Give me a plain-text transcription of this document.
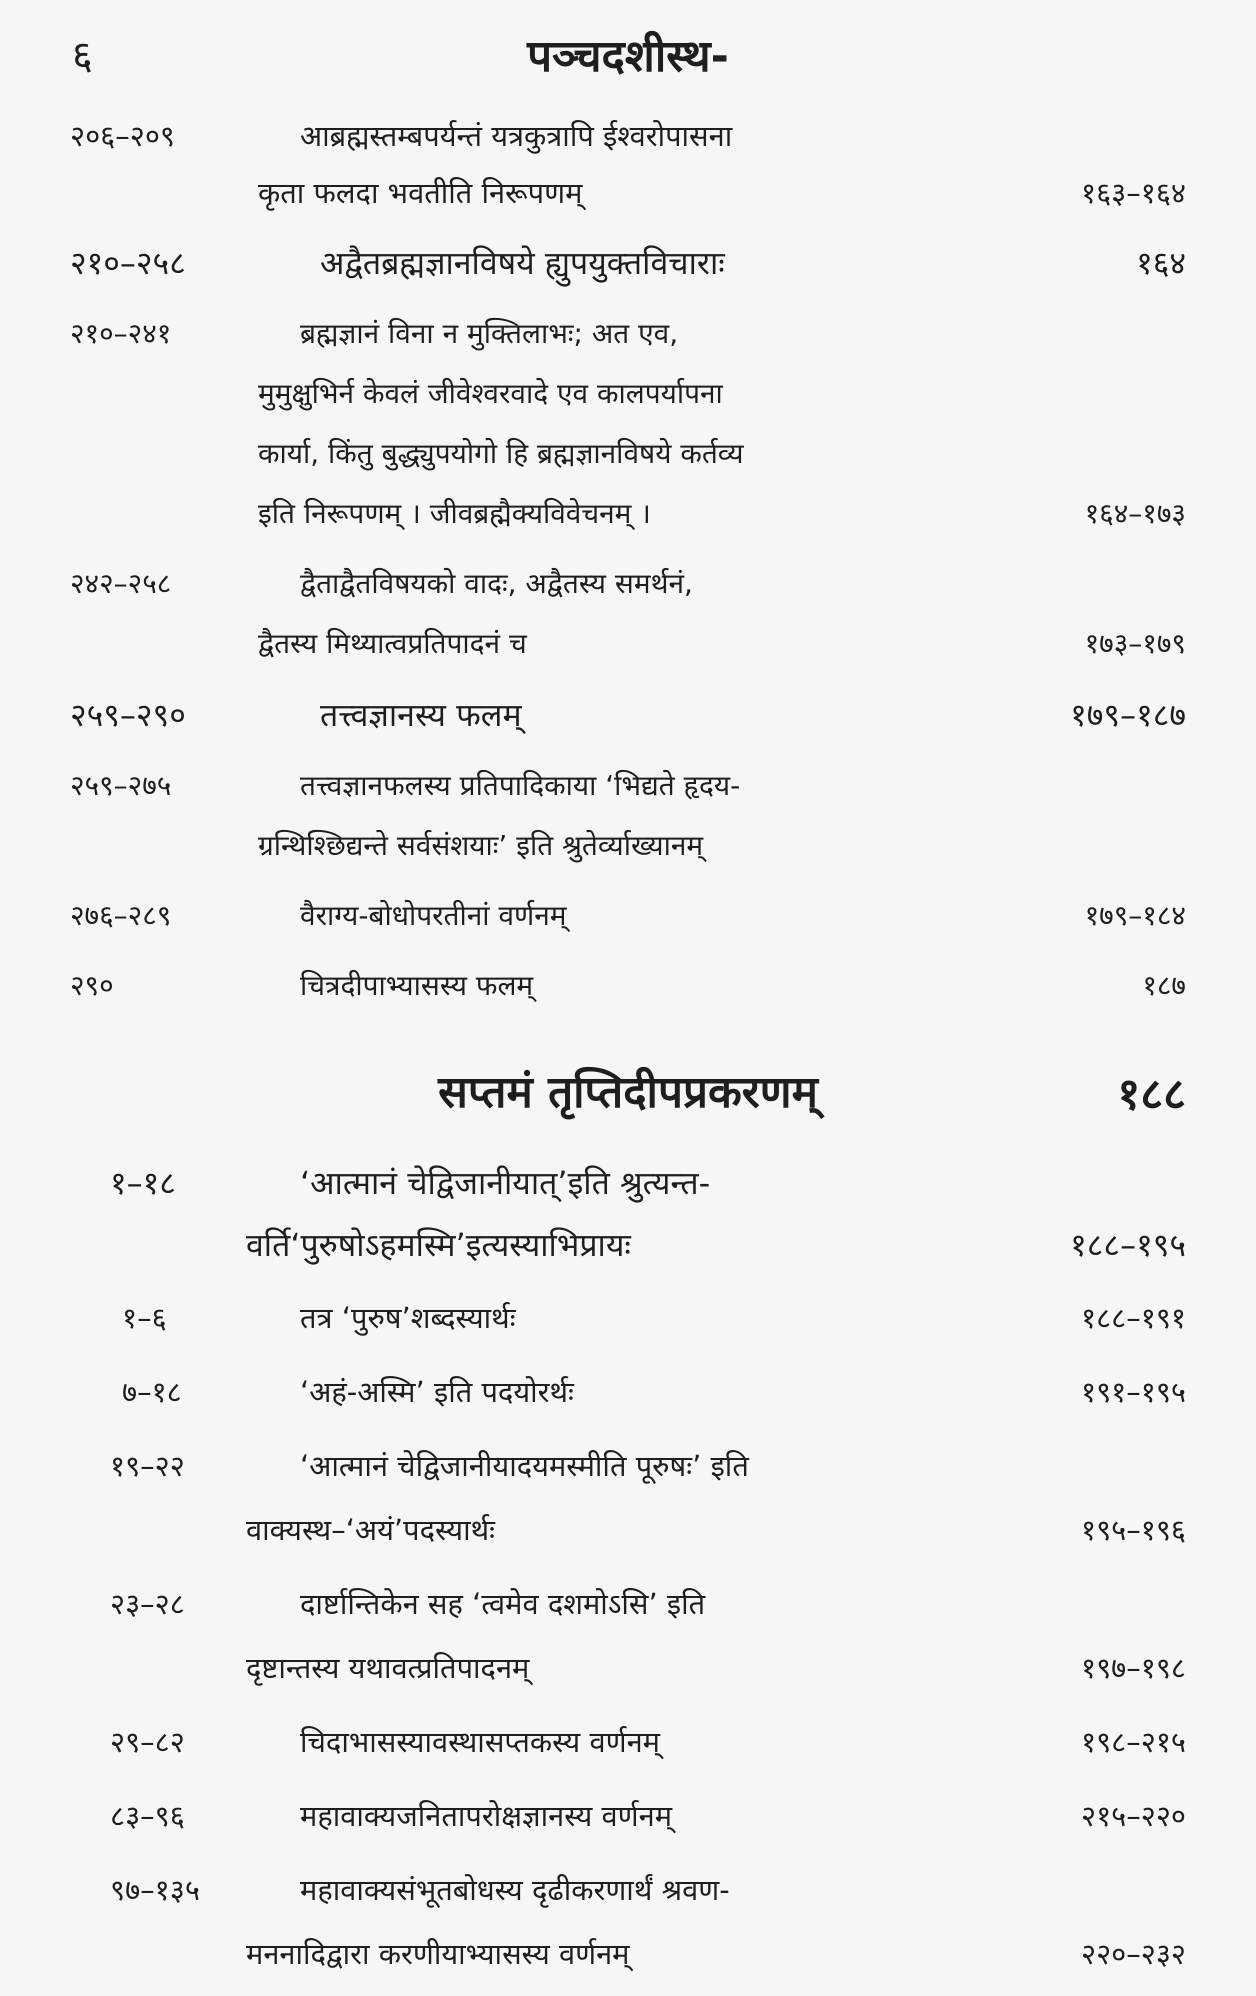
६	पञ्चदशीस्थ-
२०६–२०९	आब्रह्मस्तम्बपर्यन्तं यत्रकुत्रापि ईश्वरोपासना
कृता फलदा भवतीति निरूपणम्	१६३–१६४
२१०–२५८	अद्वैतब्रह्मज्ञानविषये ह्युपयुक्तविचाराः	१६४
२१०–२४१	ब्रह्मज्ञानं विना न मुक्तिलाभः; अत एव,
मुमुक्षुभिर्न केवलं जीवेश्वरवादे एव कालपर्यापना
कार्या, किंतु बुद्ध्युपयोगो हि ब्रह्मज्ञानविषये कर्तव्य
इति निरूपणम् । जीवब्रह्मैक्यविवेचनम् ।	१६४–१७३
२४२–२५८	द्वैताद्वैतविषयको वादः, अद्वैतस्य समर्थनं,
द्वैतस्य मिथ्यात्वप्रतिपादनं च	१७३–१७९
२५९–२९०	तत्त्वज्ञानस्य फलम्	१७९–१८७
२५९–२७५	तत्त्वज्ञानफलस्य प्रतिपादिकाया ‘भिद्यते हृदय-
ग्रन्थिश्छिद्यन्ते सर्वसंशयाः’ इति श्रुतेर्व्याख्यानम्
२७६–२८९	वैराग्य-बोधोपरतीनां वर्णनम्	१७९–१८४
२९०	चित्रदीपाभ्यासस्य फलम्	१८७
सप्तमं तृप्तिदीपप्रकरणम्	१८८
१–१८	‘आत्मानं चेद्विजानीयात्’इति श्रुत्यन्त-
वर्ति‘पुरुषोऽहमस्मि’इत्यस्याभिप्रायः	१८८–१९५
१–६	तत्र ‘पुरुष’शब्दस्यार्थः	१८८–१९१
७–१८	‘अहं-अस्मि’ इति पदयोरर्थः	१९१–१९५
१९–२२	‘आत्मानं चेद्विजानीयादयमस्मीति पूरुषः’ इति
वाक्यस्थ–‘अयं’पदस्यार्थः	१९५–१९६
२३–२८	दार्ष्टान्तिकेन सह ‘त्वमेव दशमोऽसि’ इति
दृष्टान्तस्य यथावत्प्रतिपादनम्	१९७–१९८
२९–८२	चिदाभासस्यावस्थासप्तकस्य वर्णनम्	१९८–२१५
८३–९६	महावाक्यजनितापरोक्षज्ञानस्य वर्णनम्	२१५–२२०
९७–१३५	महावाक्यसंभूतबोधस्य दृढीकरणार्थं श्रवण-
मननादिद्वारा करणीयाभ्यासस्य वर्णनम्	२२०–२३२
